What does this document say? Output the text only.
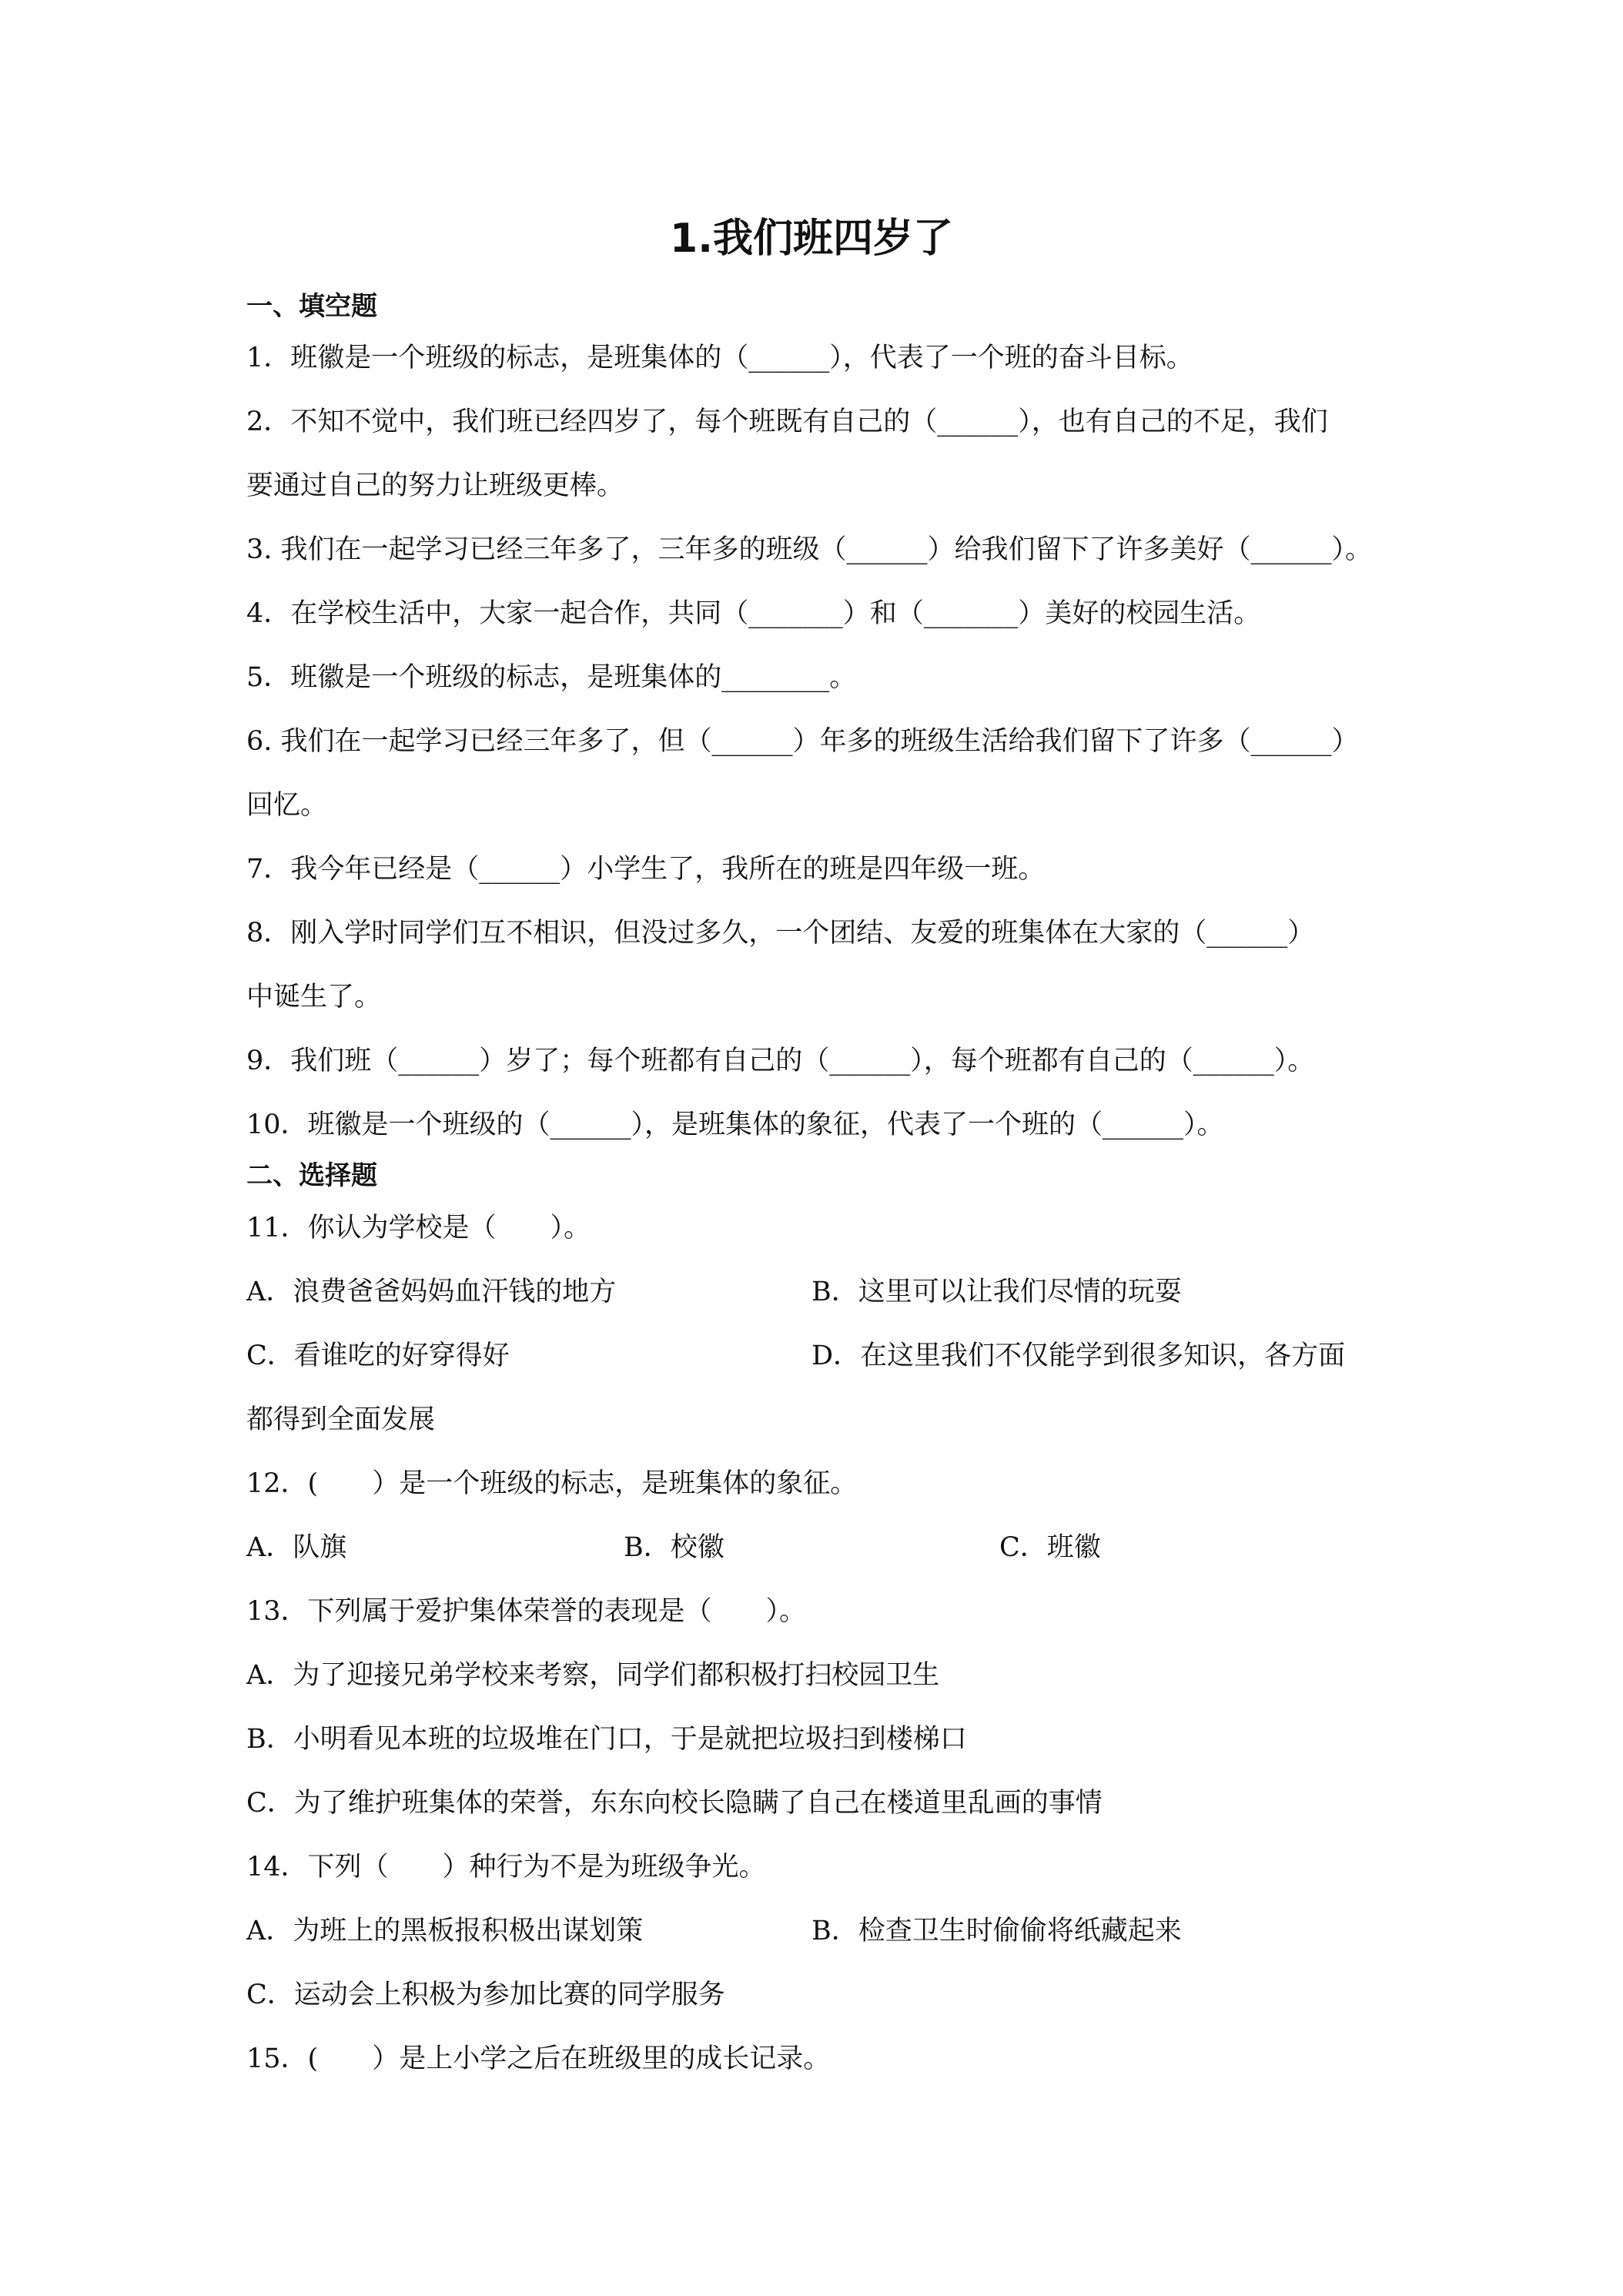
1.我们班四岁了
一、填空题
1．班徽是一个班级的标志，是班集体的（______），代表了一个班的奋斗目标。
2．不知不觉中，我们班已经四岁了，每个班既有自己的（______），也有自己的不足，我们
要通过自己的努力让班级更棒。
3. 我们在一起学习已经三年多了，三年多的班级（______）给我们留下了许多美好（______）。
4．在学校生活中，大家一起合作，共同（_______）和（_______）美好的校园生活。
5．班徽是一个班级的标志，是班集体的________。
6. 我们在一起学习已经三年多了，但（______）年多的班级生活给我们留下了许多（______）
回忆。
7．我今年已经是（______）小学生了，我所在的班是四年级一班。
8．刚入学时同学们互不相识，但没过多久，一个团结、友爱的班集体在大家的（______）
中诞生了。
9．我们班（______）岁了；每个班都有自己的（______），每个班都有自己的（______）。
10．班徽是一个班级的（______），是班集体的象征，代表了一个班的（______）。
二、选择题
11．你认为学校是（　　）。
A．浪费爸爸妈妈血汗钱的地方	B．这里可以让我们尽情的玩耍
C．看谁吃的好穿得好	D．在这里我们不仅能学到很多知识，各方面
都得到全面发展
12．(　　）是一个班级的标志，是班集体的象征。
A．队旗	B．校徽	C．班徽
13．下列属于爱护集体荣誉的表现是（　　）。
A．为了迎接兄弟学校来考察，同学们都积极打扫校园卫生
B．小明看见本班的垃圾堆在门口，于是就把垃圾扫到楼梯口
C．为了维护班集体的荣誉，东东向校长隐瞒了自己在楼道里乱画的事情
14．下列（　　）种行为不是为班级争光。
A．为班上的黑板报积极出谋划策	B．检查卫生时偷偷将纸藏起来
C．运动会上积极为参加比赛的同学服务
15．(　　）是上小学之后在班级里的成长记录。
